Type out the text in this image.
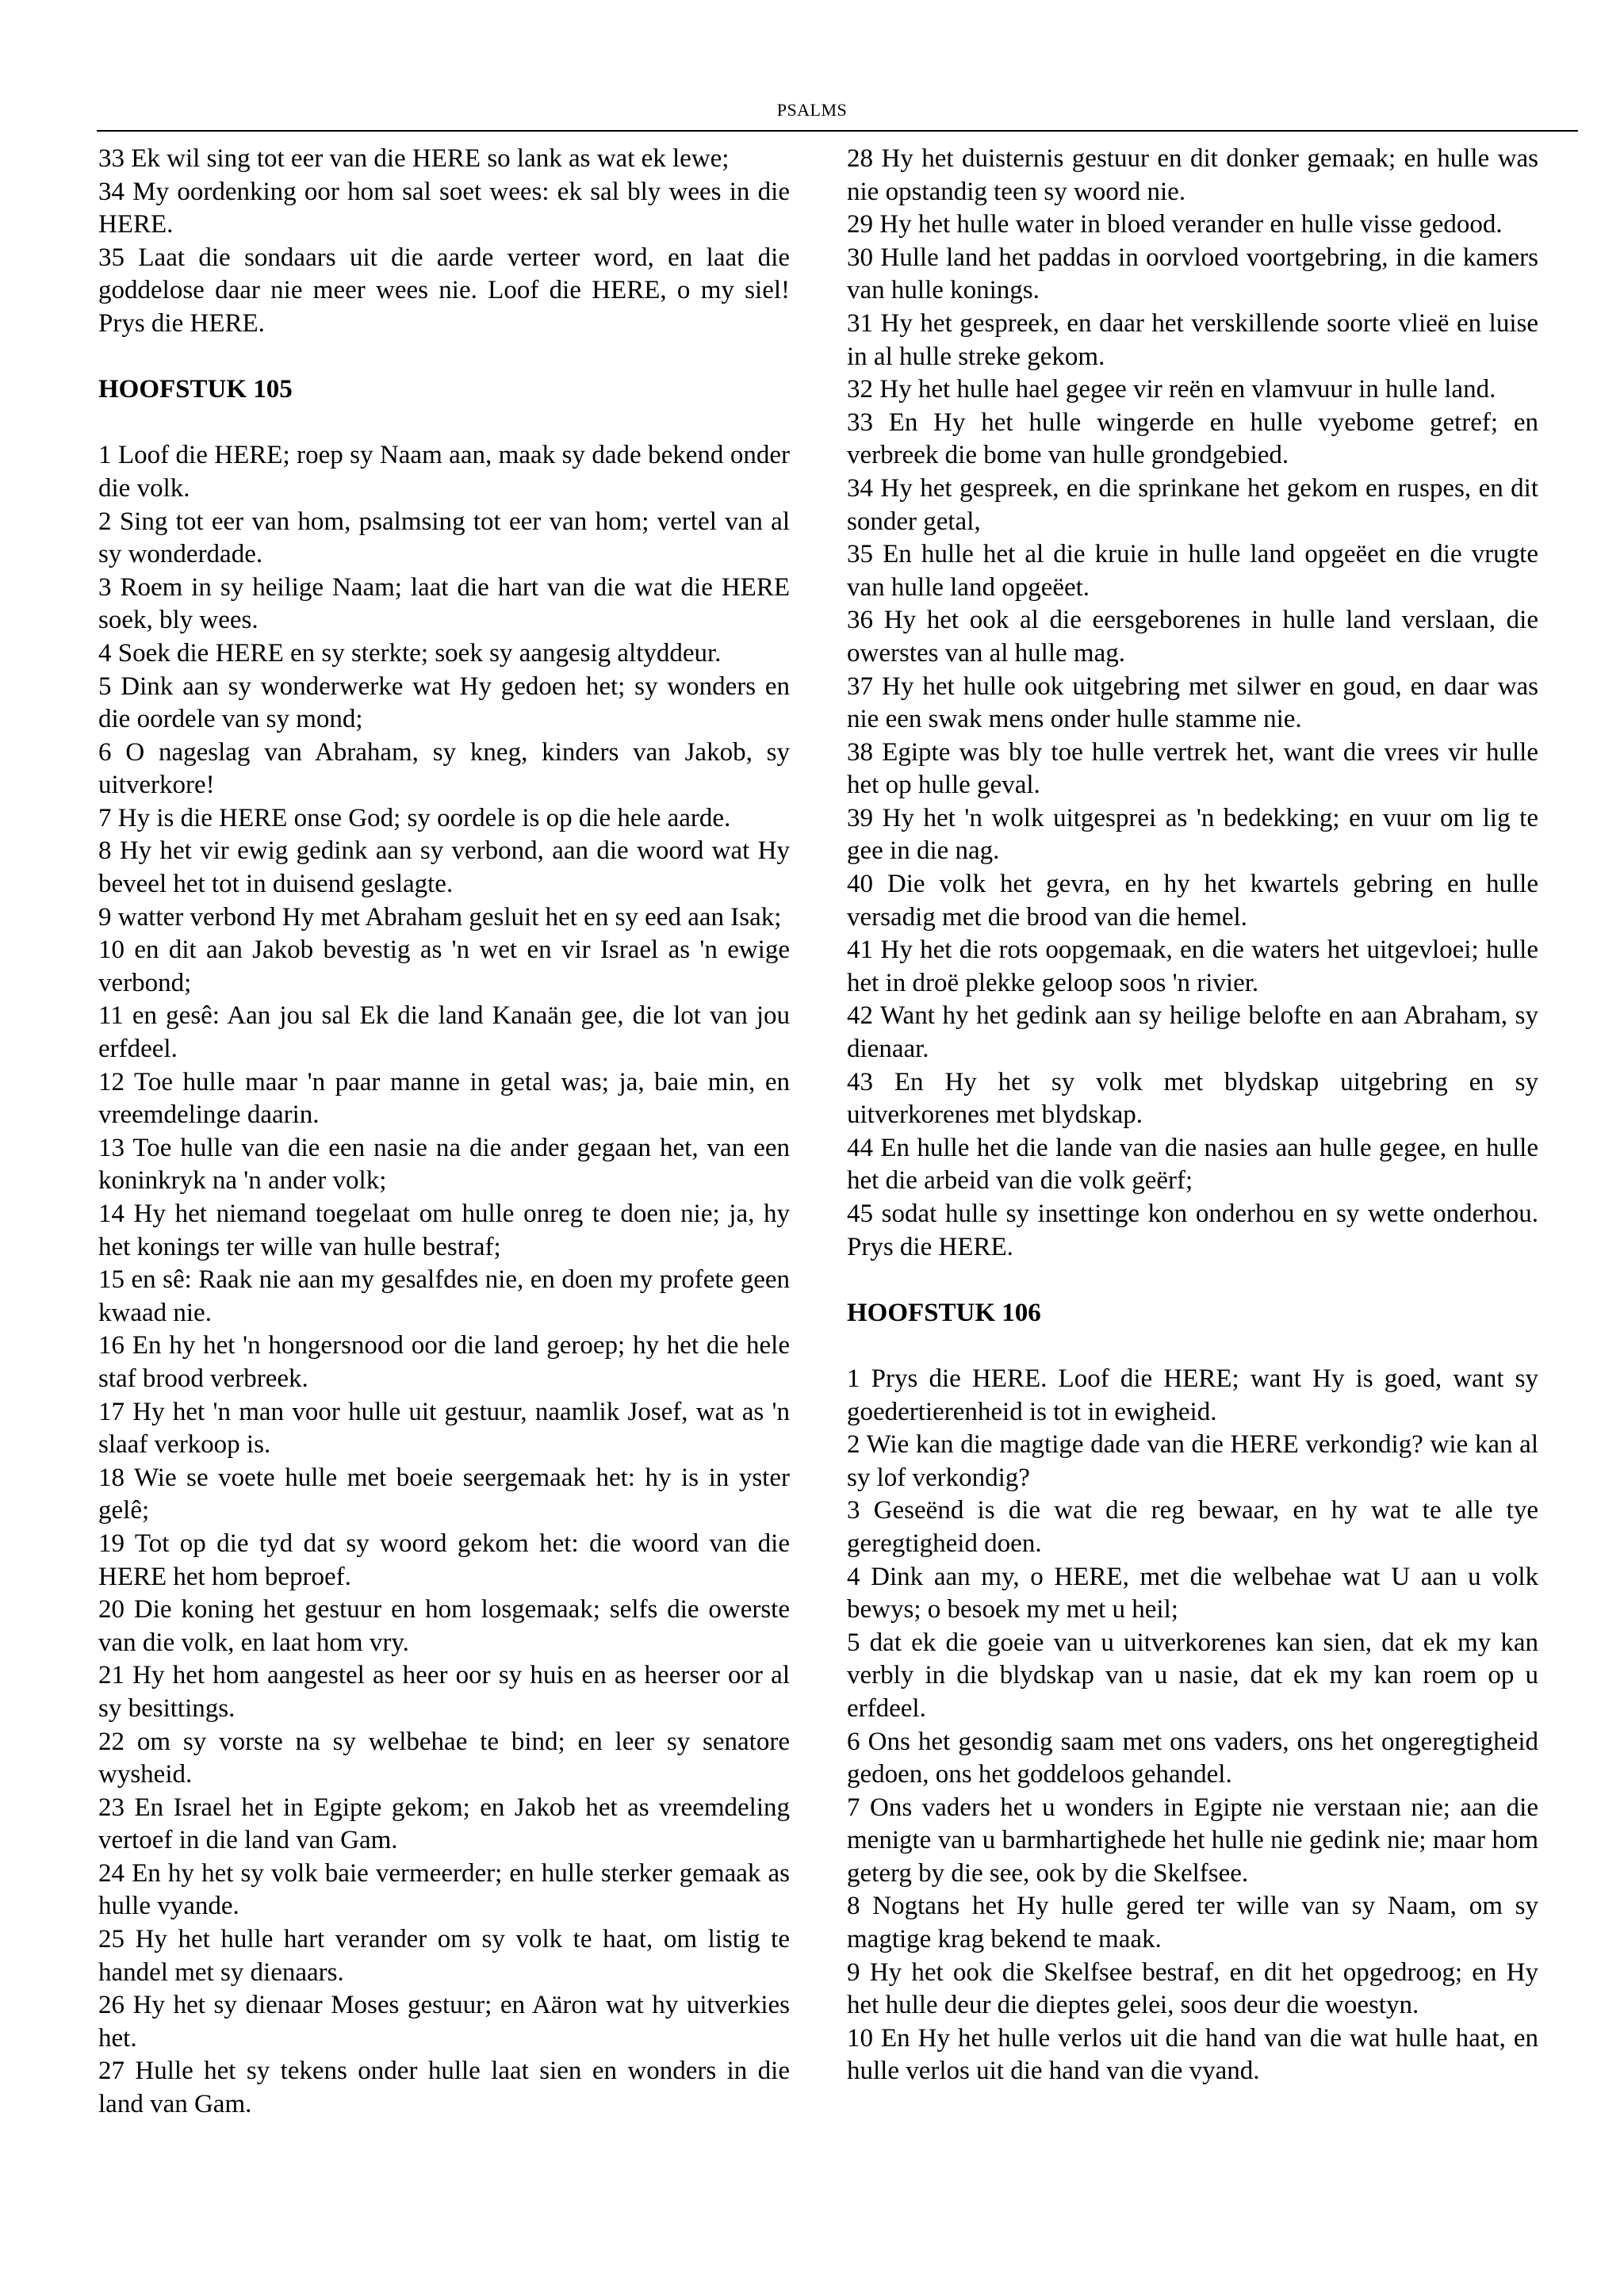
PSALMS

33 Ek wil sing tot eer van die HERE so lank as wat ek lewe;

34 My oordenking oor hom sal soet wees: ek sal bly wees in die HERE.

35 Laat die sondaars uit die aarde verteer word, en laat die goddelose daar nie meer wees nie. Loof die HERE, o my siel! Prys die HERE.

HOOFSTUK 105

1 Loof die HERE; roep sy Naam aan, maak sy dade bekend onder die volk.

2 Sing tot eer van hom, psalmsing tot eer van hom; vertel van al sy wonderdade.

3 Roem in sy heilige Naam; laat die hart van die wat die HERE soek, bly wees.

4 Soek die HERE en sy sterkte; soek sy aangesig altyddeur.

5 Dink aan sy wonderwerke wat Hy gedoen het; sy wonders en die oordele van sy mond;

6 O nageslag van Abraham, sy kneg, kinders van Jakob, sy uitverkore!

7 Hy is die HERE onse God; sy oordele is op die hele aarde.

8 Hy het vir ewig gedink aan sy verbond, aan die woord wat Hy beveel het tot in duisend geslagte.

9 watter verbond Hy met Abraham gesluit het en sy eed aan Isak;

10 en dit aan Jakob bevestig as 'n wet en vir Israel as 'n ewige verbond;

11 en gesê: Aan jou sal Ek die land Kanaän gee, die lot van jou erfdeel.

12 Toe hulle maar 'n paar manne in getal was; ja, baie min, en vreemdelinge daarin.

13 Toe hulle van die een nasie na die ander gegaan het, van een koninkryk na 'n ander volk;

14 Hy het niemand toegelaat om hulle onreg te doen nie; ja, hy het konings ter wille van hulle bestraf;

15 en sê: Raak nie aan my gesalfdes nie, en doen my profete geen kwaad nie.

16 En hy het 'n hongersnood oor die land geroep; hy het die hele staf brood verbreek.

17 Hy het 'n man voor hulle uit gestuur, naamlik Josef, wat as 'n slaaf verkoop is.

18 Wie se voete hulle met boeie seergemaak het: hy is in yster gelê;

19 Tot op die tyd dat sy woord gekom het: die woord van die HERE het hom beproef.

20 Die koning het gestuur en hom losgemaak; selfs die owerste van die volk, en laat hom vry.

21 Hy het hom aangestel as heer oor sy huis en as heerser oor al sy besittings.

22 om sy vorste na sy welbehae te bind; en leer sy senatore wysheid.

23 En Israel het in Egipte gekom; en Jakob het as vreemdeling vertoef in die land van Gam.

24 En hy het sy volk baie vermeerder; en hulle sterker gemaak as hulle vyande.

25 Hy het hulle hart verander om sy volk te haat, om listig te handel met sy dienaars.

26 Hy het sy dienaar Moses gestuur; en Aäron wat hy uitverkies het.

27 Hulle het sy tekens onder hulle laat sien en wonders in die land van Gam.

28 Hy het duisternis gestuur en dit donker gemaak; en hulle was nie opstandig teen sy woord nie.

29 Hy het hulle water in bloed verander en hulle visse gedood.

30 Hulle land het paddas in oorvloed voortgebring, in die kamers van hulle konings.

31 Hy het gespreek, en daar het verskillende soorte vlieë en luise in al hulle streke gekom.

32 Hy het hulle hael gegee vir reën en vlamvuur in hulle land.

33 En Hy het hulle wingerde en hulle vyebome getref; en verbreek die bome van hulle grondgebied.

34 Hy het gespreek, en die sprinkane het gekom en ruspes, en dit sonder getal,

35 En hulle het al die kruie in hulle land opgeëet en die vrugte van hulle land opgeëet.

36 Hy het ook al die eersgeborenes in hulle land verslaan, die owerstes van al hulle mag.

37 Hy het hulle ook uitgebring met silwer en goud, en daar was nie een swak mens onder hulle stamme nie.

38 Egipte was bly toe hulle vertrek het, want die vrees vir hulle het op hulle geval.

39 Hy het 'n wolk uitgesprei as 'n bedekking; en vuur om lig te gee in die nag.

40 Die volk het gevra, en hy het kwartels gebring en hulle versadig met die brood van die hemel.

41 Hy het die rots oopgemaak, en die waters het uitgevloei; hulle het in droë plekke geloop soos 'n rivier.

42 Want hy het gedink aan sy heilige belofte en aan Abraham, sy dienaar.

43 En Hy het sy volk met blydskap uitgebring en sy uitverkorenes met blydskap.

44 En hulle het die lande van die nasies aan hulle gegee, en hulle het die arbeid van die volk geërf;

45 sodat hulle sy insettinge kon onderhou en sy wette onderhou. Prys die HERE.

HOOFSTUK 106

1 Prys die HERE. Loof die HERE; want Hy is goed, want sy goedertierenheid is tot in ewigheid.

2 Wie kan die magtige dade van die HERE verkondig? wie kan al sy lof verkondig?

3 Geseënd is die wat die reg bewaar, en hy wat te alle tye geregtigheid doen.

4 Dink aan my, o HERE, met die welbehae wat U aan u volk bewys; o besoek my met u heil;

5 dat ek die goeie van u uitverkorenes kan sien, dat ek my kan verbly in die blydskap van u nasie, dat ek my kan roem op u erfdeel.

6 Ons het gesondig saam met ons vaders, ons het ongeregtigheid gedoen, ons het goddeloos gehandel.

7 Ons vaders het u wonders in Egipte nie verstaan nie; aan die menigte van u barmhartighede het hulle nie gedink nie; maar hom geterg by die see, ook by die Skelfsee.

8 Nogtans het Hy hulle gered ter wille van sy Naam, om sy magtige krag bekend te maak.

9 Hy het ook die Skelfsee bestraf, en dit het opgedroog; en Hy het hulle deur die dieptes gelei, soos deur die woestyn.

10 En Hy het hulle verlos uit die hand van die wat hulle haat, en hulle verlos uit die hand van die vyand.
